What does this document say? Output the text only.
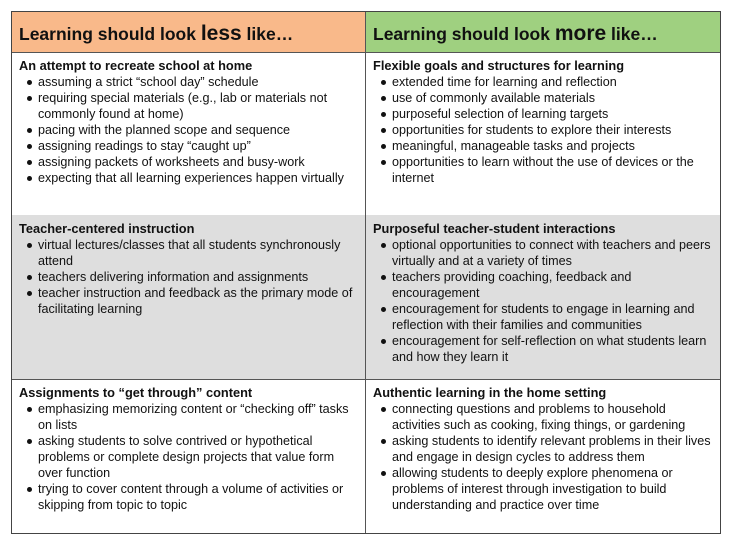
Learning should look less like…	Learning should look more like…
An attempt to recreate school at home
assuming a strict “school day” schedule
requiring special materials (e.g., lab or materials not commonly found at home)
pacing with the planned scope and sequence
assigning readings to stay “caught up”
assigning packets of worksheets and busy-work
expecting that all learning experiences happen virtually
Flexible goals and structures for learning
extended time for learning and reflection
use of commonly available materials
purposeful selection of learning targets
opportunities for students to explore their interests
meaningful, manageable tasks and projects
opportunities to learn without the use of devices or the internet
Teacher-centered instruction
virtual lectures/classes that all students synchronously attend
teachers delivering information and assignments
teacher instruction and feedback as the primary mode of facilitating learning
Purposeful teacher-student interactions
optional opportunities to connect with teachers and peers virtually and at a variety of times
teachers providing coaching, feedback and encouragement
encouragement for students to engage in learning and reflection with their families and communities
encouragement for self-reflection on what students learn and how they learn it
Assignments to “get through” content
emphasizing memorizing content or “checking off” tasks on lists
asking students to solve contrived or hypothetical problems or complete design projects that value form over function
trying to cover content through a volume of activities or skipping from topic to topic
Authentic learning in the home setting
connecting questions and problems to household activities such as cooking, fixing things, or gardening
asking students to identify relevant problems in their lives and engage in design cycles to address them
allowing students to deeply explore phenomena or problems of interest through investigation to build understanding and practice over time
